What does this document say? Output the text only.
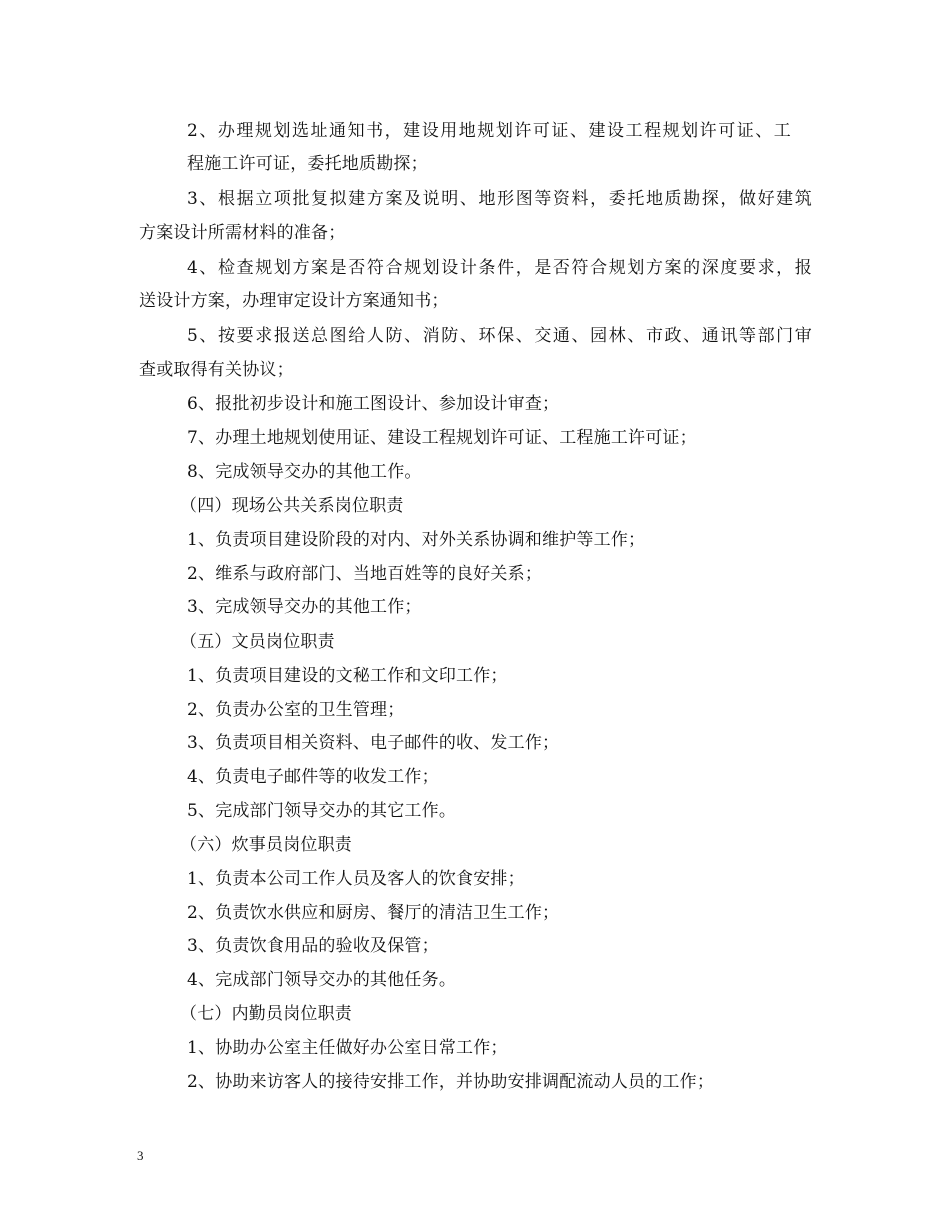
2、办理规划选址通知书，建设用地规划许可证、建设工程规划许可证、工
程施工许可证，委托地质勘探；
3、根据立项批复拟建方案及说明、地形图等资料，委托地质勘探，做好建筑
方案设计所需材料的准备；
4、检查规划方案是否符合规划设计条件，是否符合规划方案的深度要求，报
送设计方案，办理审定设计方案通知书；
5、按要求报送总图给人防、消防、环保、交通、园林、市政、通讯等部门审
查或取得有关协议；
6、报批初步设计和施工图设计、参加设计审查；
7、办理土地规划使用证、建设工程规划许可证、工程施工许可证；
8、完成领导交办的其他工作。
（四）现场公共关系岗位职责
1、负责项目建设阶段的对内、对外关系协调和维护等工作；
2、维系与政府部门、当地百姓等的良好关系；
3、完成领导交办的其他工作；
（五）文员岗位职责
1、负责项目建设的文秘工作和文印工作；
2、负责办公室的卫生管理；
3、负责项目相关资料、电子邮件的收、发工作；
4、负责电子邮件等的收发工作；
5、完成部门领导交办的其它工作。
（六）炊事员岗位职责
1、负责本公司工作人员及客人的饮食安排；
2、负责饮水供应和厨房、餐厅的清洁卫生工作；
3、负责饮食用品的验收及保管；
4、完成部门领导交办的其他任务。
（七）内勤员岗位职责
1、协助办公室主任做好办公室日常工作；
2、协助来访客人的接待安排工作，并协助安排调配流动人员的工作；
3
